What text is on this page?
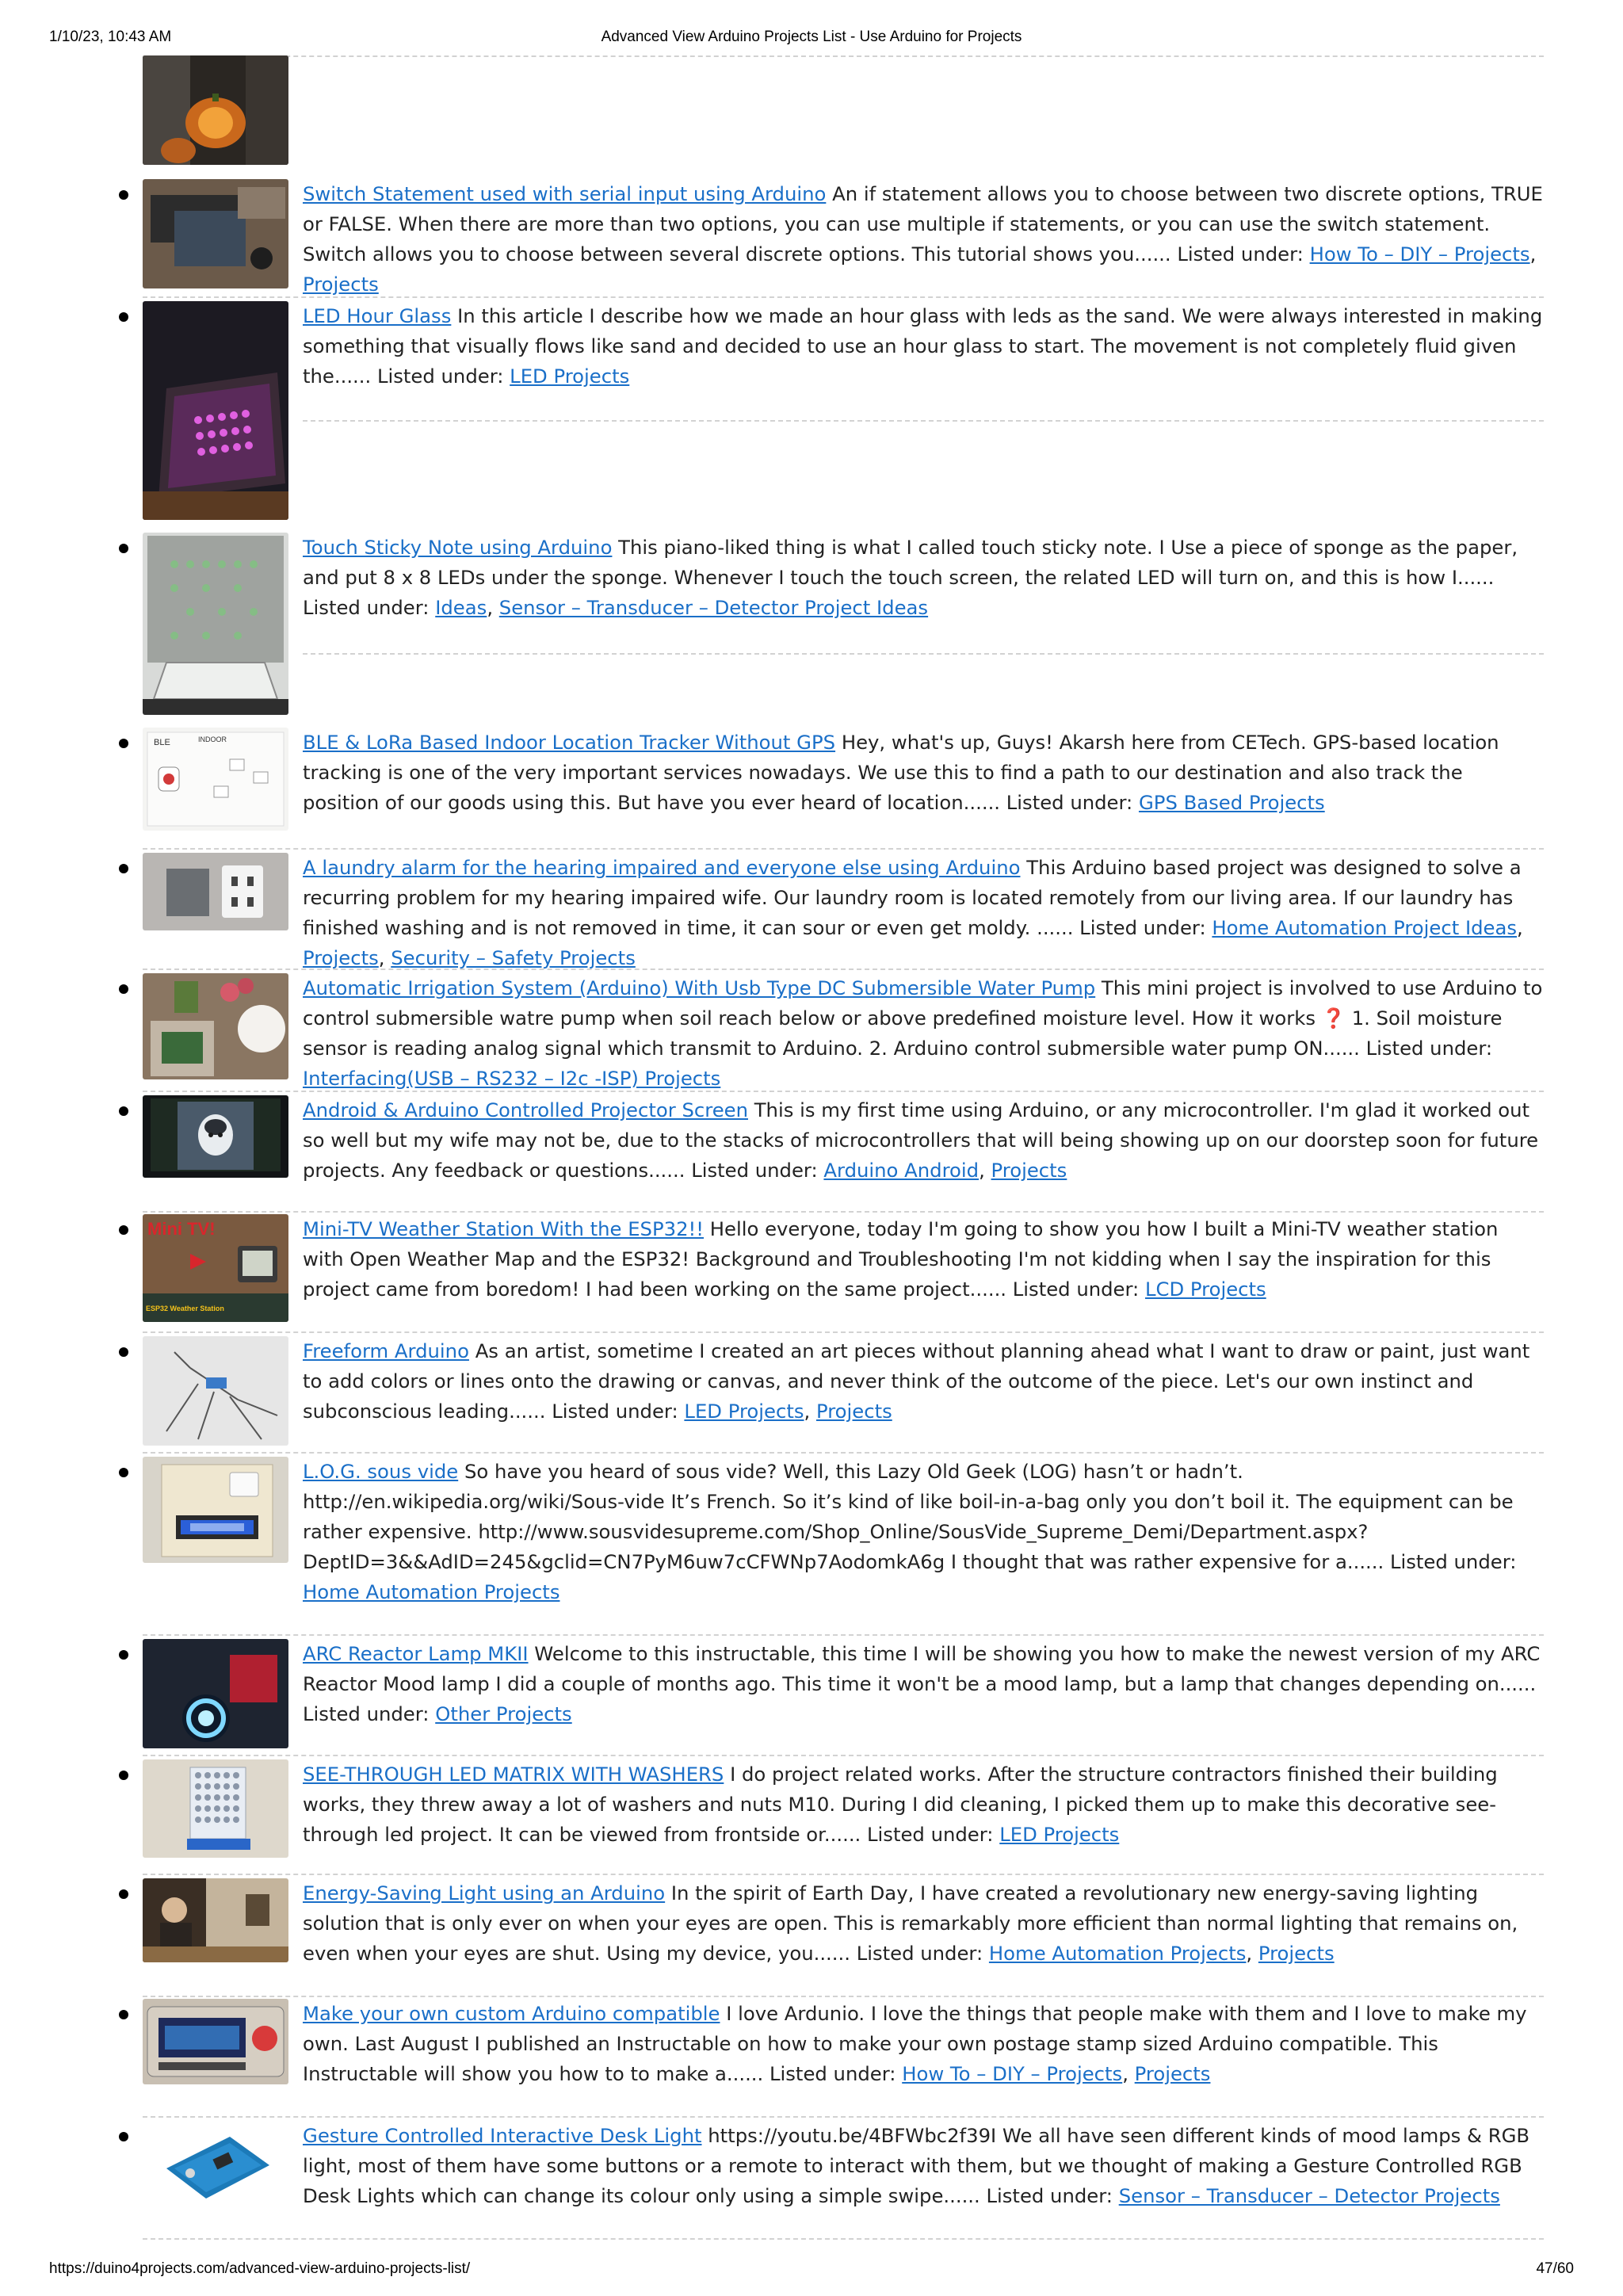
1/10/23, 10:43 AM	Advanced View Arduino Projects List - Use Arduino for Projects

Switch Statement used with serial input using Arduino An if statement allows you to choose between two discrete options, TRUE or FALSE. When there are more than two options, you can use multiple if statements, or you can use the switch statement. Switch allows you to choose between several discrete options. This tutorial shows you...... Listed under: How To – DIY – Projects, Projects

LED Hour Glass In this article I describe how we made an hour glass with leds as the sand. We were always interested in making something that visually flows like sand and decided to use an hour glass to start. The movement is not completely fluid given the...... Listed under: LED Projects

Touch Sticky Note using Arduino This piano-liked thing is what I called touch sticky note. I Use a piece of sponge as the paper, and put 8 x 8 LEDs under the sponge. Whenever I touch the touch screen, the related LED will turn on, and this is how I...... Listed under: Ideas, Sensor – Transducer – Detector Project Ideas

BLE	INDOOR	BLE & LoRa Based Indoor Location Tracker Without GPS Hey, what's up, Guys! Akarsh here from CETech. GPS-based location tracking is one of the very important services nowadays. We use this to find a path to our destination and also track the position of our goods using this. But have you ever heard of location...... Listed under: GPS Based Projects

A laundry alarm for the hearing impaired and everyone else using Arduino This Arduino based project was designed to solve a recurring problem for my hearing impaired wife. Our laundry room is located remotely from our living area. If our laundry has finished washing and is not removed in time, it can sour or even get moldy. ...... Listed under: Home Automation Project Ideas, Projects, Security – Safety Projects

Automatic Irrigation System (Arduino) With Usb Type DC Submersible Water Pump This mini project is involved to use Arduino to control submersible watre pump when soil reach below or above predefined moisture level. How it works ❓ 1. Soil moisture sensor is reading analog signal which transmit to Arduino. 2. Arduino control submersible water pump ON...... Listed under: Interfacing(USB – RS232 – I2c -ISP) Projects

Android & Arduino Controlled Projector Screen This is my first time using Arduino, or any microcontroller. I'm glad it worked out so well but my wife may not be, due to the stacks of microcontrollers that will being showing up on our doorstep soon for future projects. Any feedback or questions...... Listed under: Arduino Android, Projects

Mini TV!
ESP32 Weather Station

Mini-TV Weather Station With the ESP32!! Hello everyone, today I'm going to show you how I built a Mini-TV weather station with Open Weather Map and the ESP32! Background and Troubleshooting I'm not kidding when I say the inspiration for this project came from boredom! I had been working on the same project...... Listed under: LCD Projects

Freeform Arduino As an artist, sometime I created an art pieces without planning ahead what I want to draw or paint, just want to add colors or lines onto the drawing or canvas, and never think of the outcome of the piece. Let's our own instinct and subconscious leading...... Listed under: LED Projects, Projects

L.O.G. sous vide So have you heard of sous vide? Well, this Lazy Old Geek (LOG) hasn’t or hadn’t. http://en.wikipedia.org/wiki/Sous-vide It’s French. So it’s kind of like boil-in-a-bag only you don’t boil it. The equipment can be rather expensive. http://www.sousvidesupreme.com/Shop_Online/SousVide_Supreme_Demi/Department.aspx?DeptID=3&&AdID=245&gclid=CN7PyM6uw7cCFWNp7AodomkA6g I thought that was rather expensive for a...... Listed under: Home Automation Projects

ARC Reactor Lamp MKII Welcome to this instructable, this time I will be showing you how to make the newest version of my ARC Reactor Mood lamp I did a couple of months ago. This time it won't be a mood lamp, but a lamp that changes depending on...... Listed under: Other Projects

SEE-THROUGH LED MATRIX WITH WASHERS I do project related works. After the structure contractors finished their building works, they threw away a lot of washers and nuts M10. During I did cleaning, I picked them up to make this decorative see-through led project. It can be viewed from frontside or...... Listed under: LED Projects

Energy-Saving Light using an Arduino In the spirit of Earth Day, I have created a revolutionary new energy-saving lighting solution that is only ever on when your eyes are open. This is remarkably more efficient than normal lighting that remains on, even when your eyes are shut. Using my device, you...... Listed under: Home Automation Projects, Projects

Make your own custom Arduino compatible I love Ardunio. I love the things that people make with them and I love to make my own. Last August I published an Instructable on how to make your own postage stamp sized Arduino compatible. This Instructable will show you how to to make a...... Listed under: How To – DIY – Projects, Projects

Gesture Controlled Interactive Desk Light https://youtu.be/4BFWbc2f39I We all have seen different kinds of mood lamps & RGB light, most of them have some buttons or a remote to interact with them, but we thought of making a Gesture Controlled RGB Desk Lights which can change its colour only using a simple swipe...... Listed under: Sensor – Transducer – Detector Projects

https://duino4projects.com/advanced-view-arduino-projects-list/	47/60
